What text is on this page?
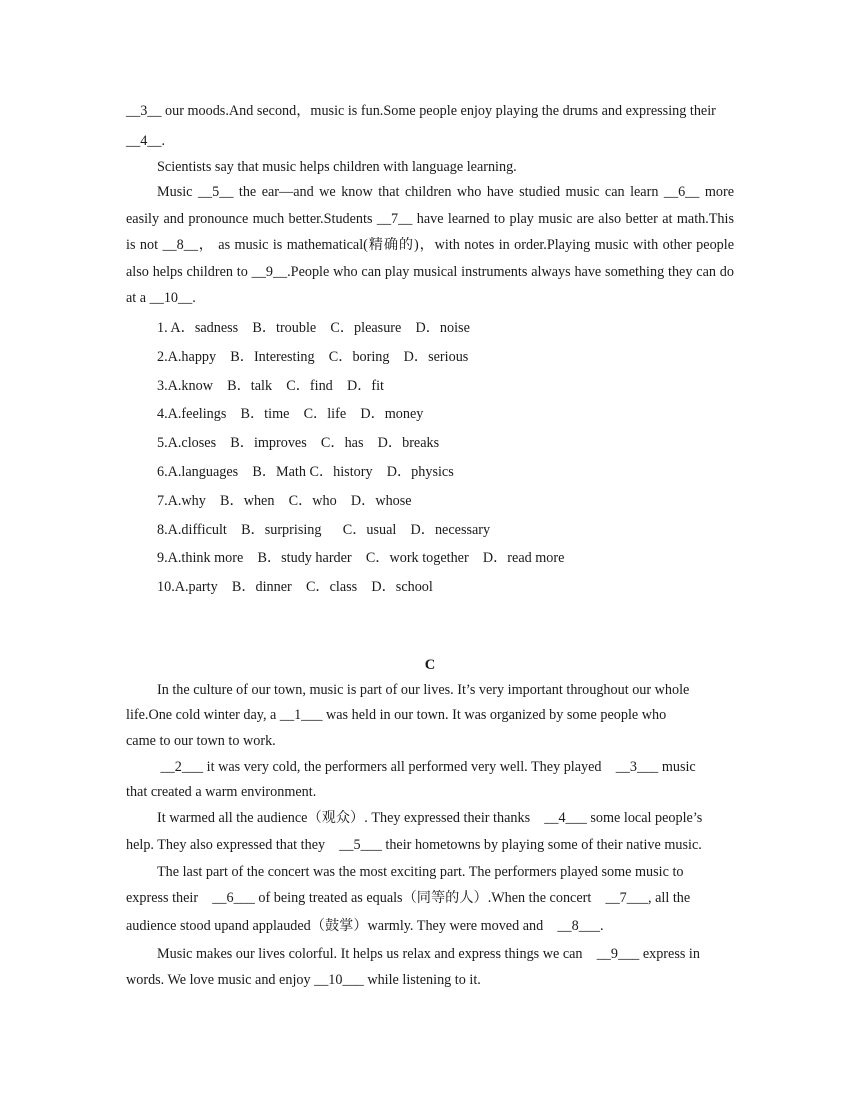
__3__ our moods.And second，music is fun.Some people enjoy playing the drums and expressing their

__4__.

Scientists say that music helps children with language learning.

Music __5__ the ear—and we know that children who have studied music can learn __6__ more easily and pronounce much better.Students __7__ have learned to play music are also better at math.This is not __8__， as music is mathematical(精确的)，with notes in order.Playing music with other people also helps children to __9__.People who can play musical instruments always have something they can do at a __10__.

1. A．sadness    B．trouble    C．pleasure    D．noise
2.A.happy    B．Interesting    C．boring    D．serious
3.A.know    B．talk    C．find    D．fit
4.A.feelings    B．time    C．life    D．money
5.A.closes    B．improves    C．has    D．breaks
6.A.languages    B．Math C．history    D．physics
7.A.why    B．when    C．who    D．whose
8.A.difficult    B．surprising      C．usual    D．necessary
9.A.think more    B．study harder    C．work together    D．read more
10.A.party    B．dinner    C．class    D．school

C

In the culture of our town, music is part of our lives. It’s very important throughout our whole

life.One cold winter day, a __1___ was held in our town. It was organized by some people who

came to our town to work.

__2___ it was very cold, the performers all performed very well. They played    __3___ music

that created a warm environment.

It warmed all the audience（观众）. They expressed their thanks    __4___ some local people’s

help. They also expressed that they    __5___ their hometowns by playing some of their native music.

The last part of the concert was the most exciting part. The performers played some music to

express their    __6___ of being treated as equals（同等的人）.When the concert    __7___, all the

audience stood upand applauded（鼓掌）warmly. They were moved and    __8___.

Music makes our lives colorful. It helps us relax and express things we can    __9___ express in

words. We love music and enjoy __10___ while listening to it.
